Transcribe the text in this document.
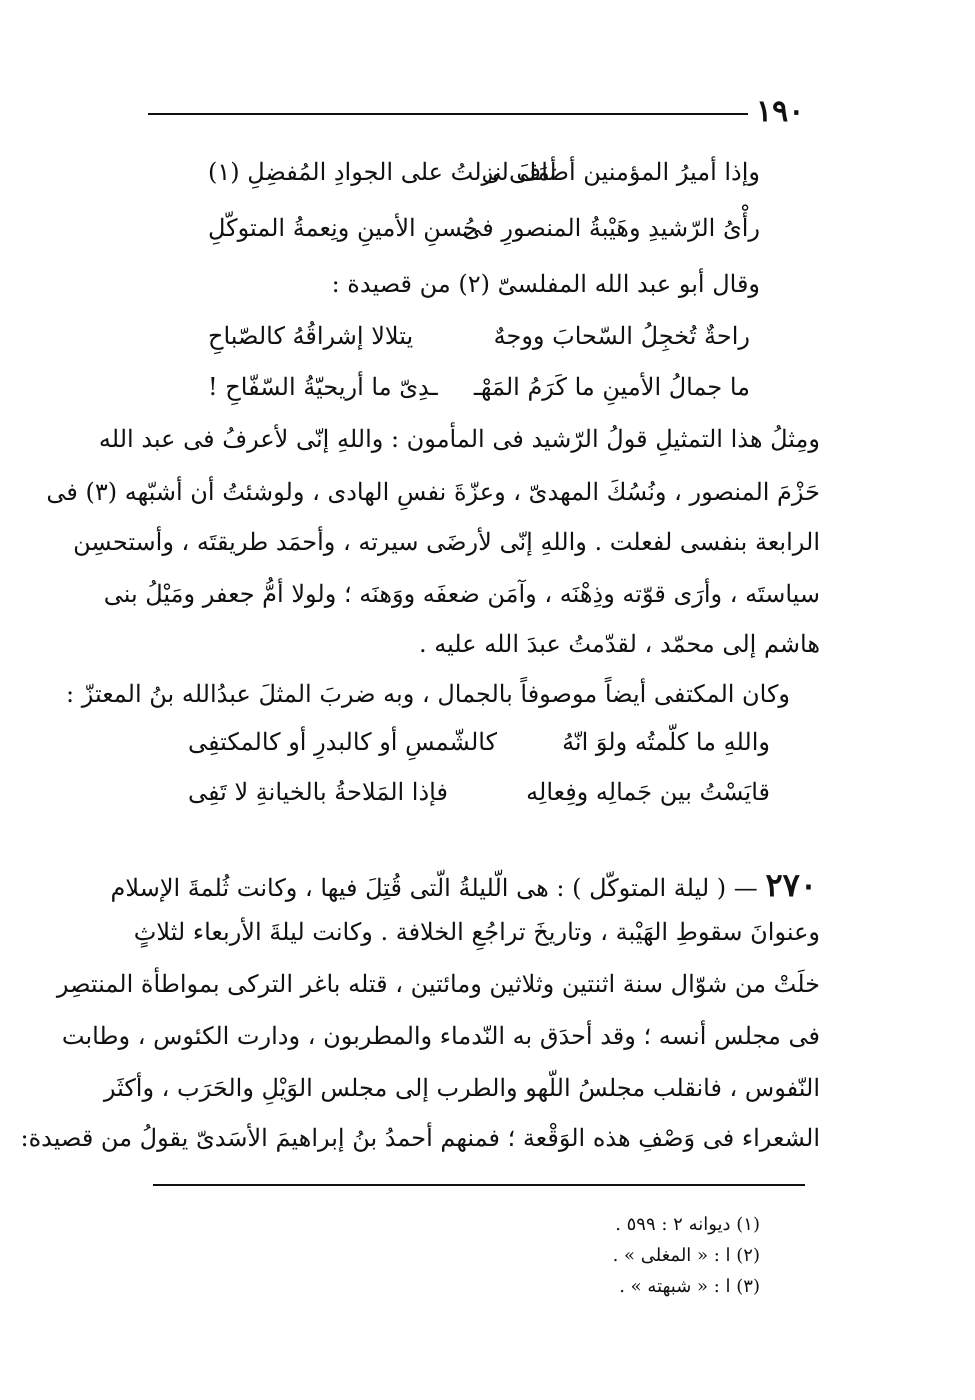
١٩٠
وإذا أميرُ المؤمنين أضافَ لى
أمَلى نزلتُ على الجوادِ المُفضِلِ (١)
رأْىُ الرّشيدِ وهَيْبةُ المنصورِ فى
حُسنِ الأمينِ ونِعمةُ المتوكّلِ
وقال أبو عبد الله المفلسىّ (٢) من قصيدة :
راحةٌ تُخجِلُ السّحابَ ووجهٌ
يتلالا إشراقُهُ كالصّباحِ
ما جمالُ الأمينِ ما كَرَمُ المَهْـ
ـدِىّ ما أريحيّةُ السّفّاحِ !
ومِثلُ هذا التمثيلِ قولُ الرّشيد فى المأمون : واللهِ إنّى لأعرفُ فى عبد الله
حَزْمَ المنصور ، ونُسُكَ المهدىّ ، وعزّةَ نفسِ الهادى ، ولوشئتُ أن أشبّهه (٣) فى
الرابعة بنفسى لفعلت . واللهِ إنّى لأرضَى سيرته ، وأحمَد طريقتَه ، وأستحسِن
سياستَه ، وأرَى قوّته وذِهْنَه ، وآمَن ضعفَه ووَهنَه ؛ ولولا أمُّ جعفر ومَيْلُ بنى
هاشم إلى محمّد ، لقدّمتُ عبدَ الله عليه .
وكان المكتفى أيضاً موصوفاً بالجمال ، وبه ضربَ المثلَ عبدُالله بنُ المعتزّ :
واللهِ ما كلّمتُه ولوَ انّهُ
كالشّمسِ أو كالبدرِ أو كالمكتفِى
قايَسْتُ بين جَمالِه وفِعالِه
فإذا المَلاحةُ بالخيانةِ لا تَفِى
٢٧٠ — ( ليلة المتوكّل ) : هى الّليلةُ الّتى قُتِلَ فيها ، وكانت ثُلمةَ الإسلام
وعنوانَ سقوطِ الهَيْبة ، وتاريخَ تراجُعِ الخلافة . وكانت ليلةَ الأربعاء لثلاثٍ
خلَتْ من شوّال سنة اثنتين وثلاثين ومائتين ، قتله باغر التركى بمواطأة المنتصِر
فى مجلس أنسه ؛ وقد أحدَق به النّدماء والمطربون ، ودارت الكئوس ، وطابت
النّفوس ، فانقلب مجلسُ اللّهو والطرب إلى مجلس الوَيْلِ والحَرَب ، وأكثَر
الشعراء فى وَصْفِ هذه الوَقْعة ؛ فمنهم أحمدُ بنُ إبراهيمَ الأسَدىّ يقولُ من قصيدة:
(١) ديوانه ٢ : ٥٩٩ .
(٢) ا : « المغلى » .
(٣) ا : « شبهته » .
